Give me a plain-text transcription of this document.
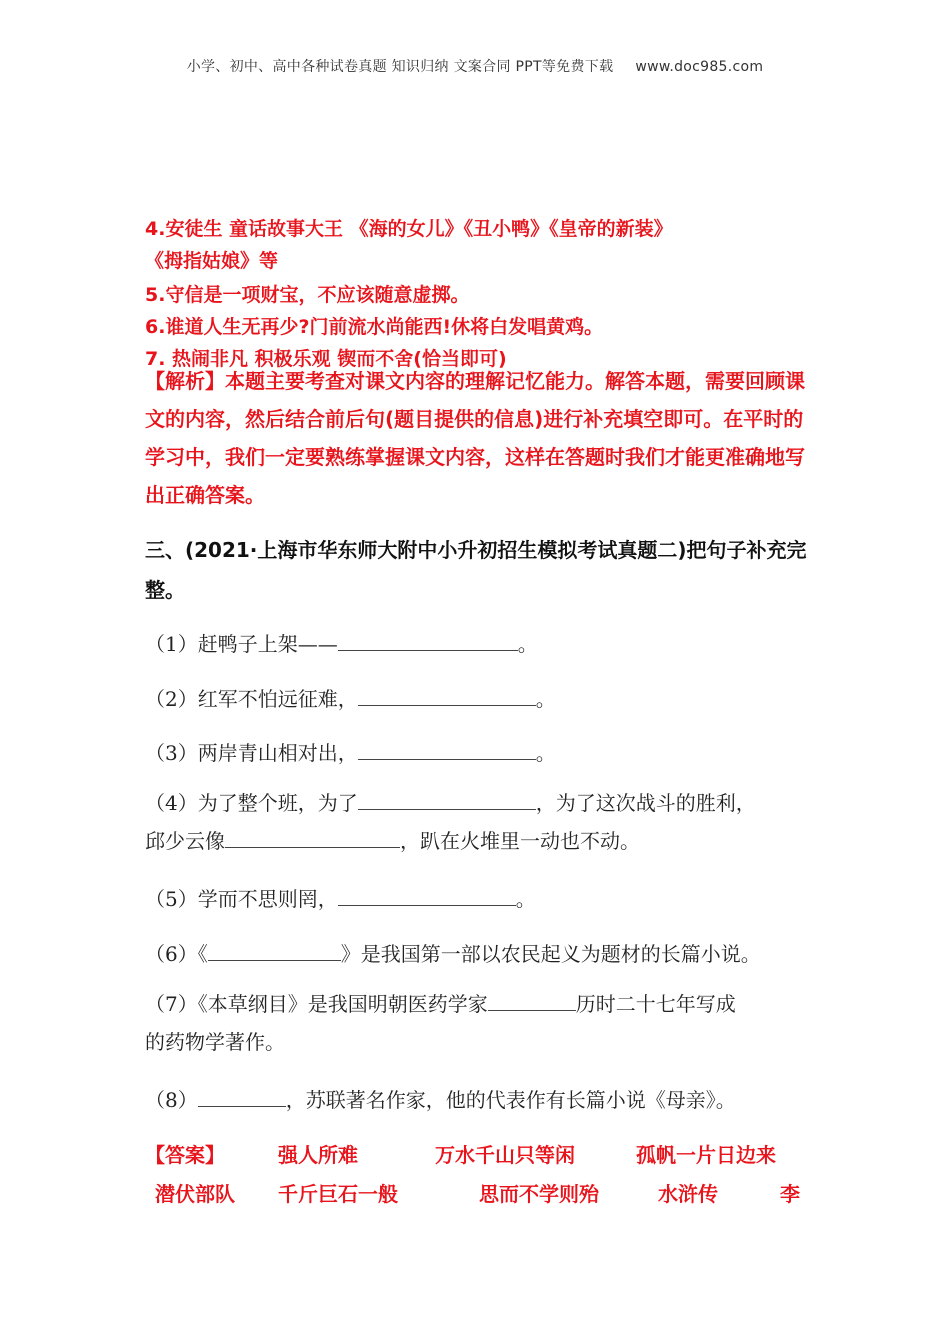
小学、初中、高中各种试卷真题 知识归纳 文案合同 PPT等免费下载 www.doc985.com
4.安徒生 童话故事大王 《海的女儿》《丑小鸭》《皇帝的新装》
《拇指姑娘》等
5.守信是一项财宝，不应该随意虚掷。
6.谁道人生无再少?门前流水尚能西!休将白发唱黄鸡。
7. 热闹非凡 积极乐观 锲而不舍(恰当即可)
【解析】本题主要考查对课文内容的理解记忆能力。解答本题，需要回顾课文的内容，然后结合前后句(题目提供的信息)进行补充填空即可。在平时的学习中，我们一定要熟练掌握课文内容，这样在答题时我们才能更准确地写出正确答案。
三、(2021·上海市华东师大附中小升初招生模拟考试真题二)把句子补充完整。
（1）赶鸭子上架——	。
（2）红军不怕远征难，	。
（3）两岸青山相对出，	。
（4）为了整个班，为了	，为了这次战斗的胜利，
邱少云像	，趴在火堆里一动也不动。
（5）学而不思则罔，	。
（6）《	》是我国第一部以农民起义为题材的长篇小说。
（7）《本草纲目》是我国明朝医药学家	历时二十七年写成
的药物学著作。
（8）	，苏联著名作家，他的代表作有长篇小说《母亲》。
【答案】	强人所难	万水千山只等闲	孤帆一片日边来
潜伏部队 千斤巨石一般	思而不学则殆	水浒传	李
